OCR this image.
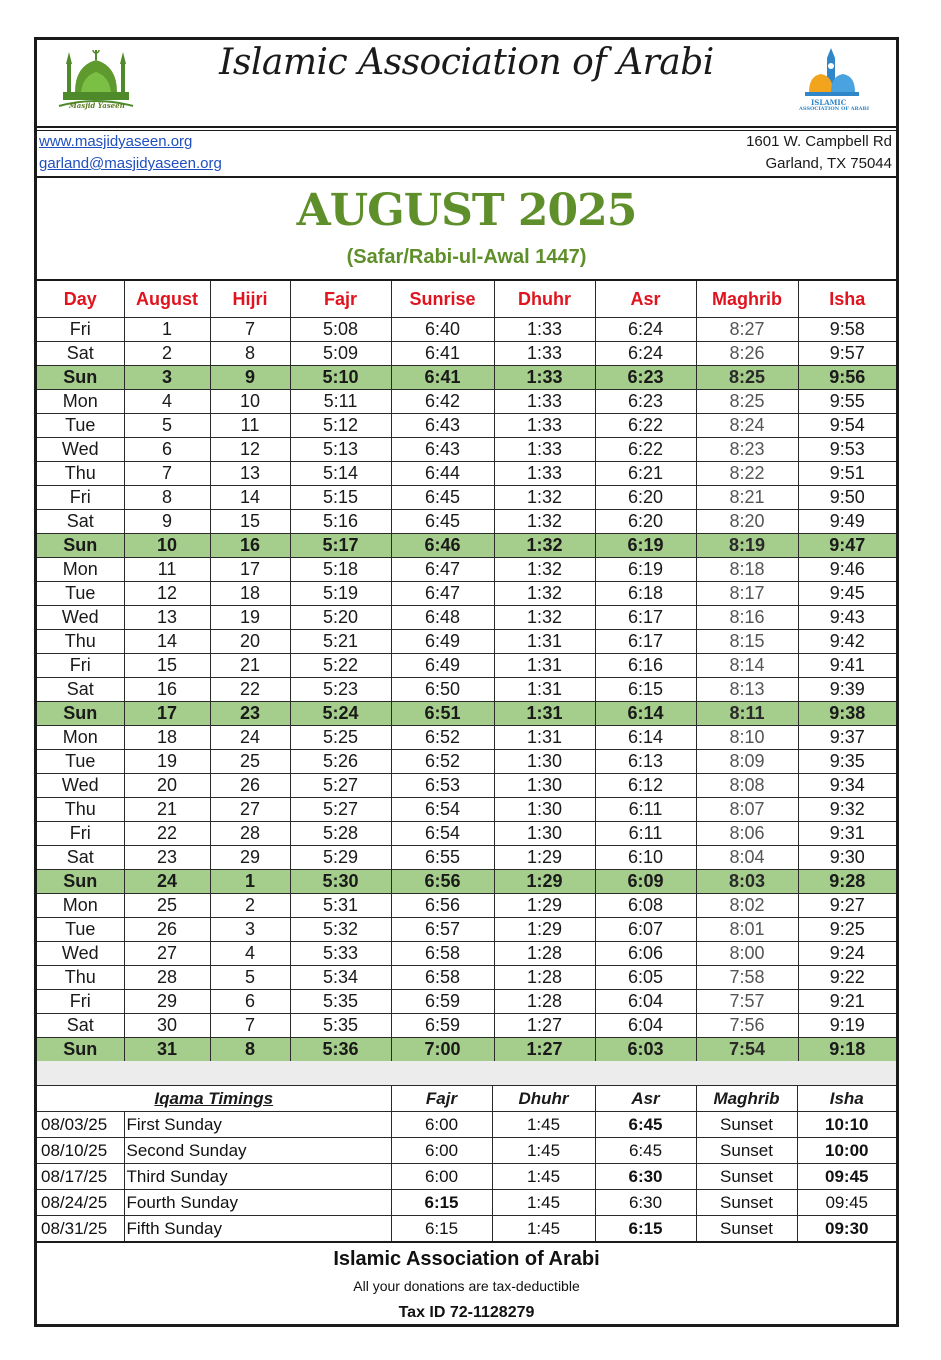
Masjid Yaseen
Islamic Association of Arabi
ISLAMIC
ASSOCIATION OF ARABI
www.masjidyaseen.org
garland@masjidyaseen.org
1601 W. Campbell Rd
Garland, TX 75044
AUGUST 2025
(Safar/Rabi-ul-Awal 1447)
Day	August	Hijri	Fajr	Sunrise	Dhuhr	Asr	Maghrib	Isha
Fri	1	7	5:08	6:40	1:33	6:24	8:27	9:58
Sat	2	8	5:09	6:41	1:33	6:24	8:26	9:57
Sun	3	9	5:10	6:41	1:33	6:23	8:25	9:56
Mon	4	10	5:11	6:42	1:33	6:23	8:25	9:55
Tue	5	11	5:12	6:43	1:33	6:22	8:24	9:54
Wed	6	12	5:13	6:43	1:33	6:22	8:23	9:53
Thu	7	13	5:14	6:44	1:33	6:21	8:22	9:51
Fri	8	14	5:15	6:45	1:32	6:20	8:21	9:50
Sat	9	15	5:16	6:45	1:32	6:20	8:20	9:49
Sun	10	16	5:17	6:46	1:32	6:19	8:19	9:47
Mon	11	17	5:18	6:47	1:32	6:19	8:18	9:46
Tue	12	18	5:19	6:47	1:32	6:18	8:17	9:45
Wed	13	19	5:20	6:48	1:32	6:17	8:16	9:43
Thu	14	20	5:21	6:49	1:31	6:17	8:15	9:42
Fri	15	21	5:22	6:49	1:31	6:16	8:14	9:41
Sat	16	22	5:23	6:50	1:31	6:15	8:13	9:39
Sun	17	23	5:24	6:51	1:31	6:14	8:11	9:38
Mon	18	24	5:25	6:52	1:31	6:14	8:10	9:37
Tue	19	25	5:26	6:52	1:30	6:13	8:09	9:35
Wed	20	26	5:27	6:53	1:30	6:12	8:08	9:34
Thu	21	27	5:27	6:54	1:30	6:11	8:07	9:32
Fri	22	28	5:28	6:54	1:30	6:11	8:06	9:31
Sat	23	29	5:29	6:55	1:29	6:10	8:04	9:30
Sun	24	1	5:30	6:56	1:29	6:09	8:03	9:28
Mon	25	2	5:31	6:56	1:29	6:08	8:02	9:27
Tue	26	3	5:32	6:57	1:29	6:07	8:01	9:25
Wed	27	4	5:33	6:58	1:28	6:06	8:00	9:24
Thu	28	5	5:34	6:58	1:28	6:05	7:58	9:22
Fri	29	6	5:35	6:59	1:28	6:04	7:57	9:21
Sat	30	7	5:35	6:59	1:27	6:04	7:56	9:19
Sun	31	8	5:36	7:00	1:27	6:03	7:54	9:18
Iqama Timings		Fajr	Dhuhr	Asr	Maghrib	Isha
08/03/25	First Sunday	6:00	1:45	6:45	Sunset	10:10
08/10/25	Second Sunday	6:00	1:45	6:45	Sunset	10:00
08/17/25	Third Sunday	6:00	1:45	6:30	Sunset	09:45
08/24/25	Fourth Sunday	6:15	1:45	6:30	Sunset	09:45
08/31/25	Fifth Sunday	6:15	1:45	6:15	Sunset	09:30
Islamic Association of Arabi
All your donations are tax-deductible
Tax ID 72-1128279
